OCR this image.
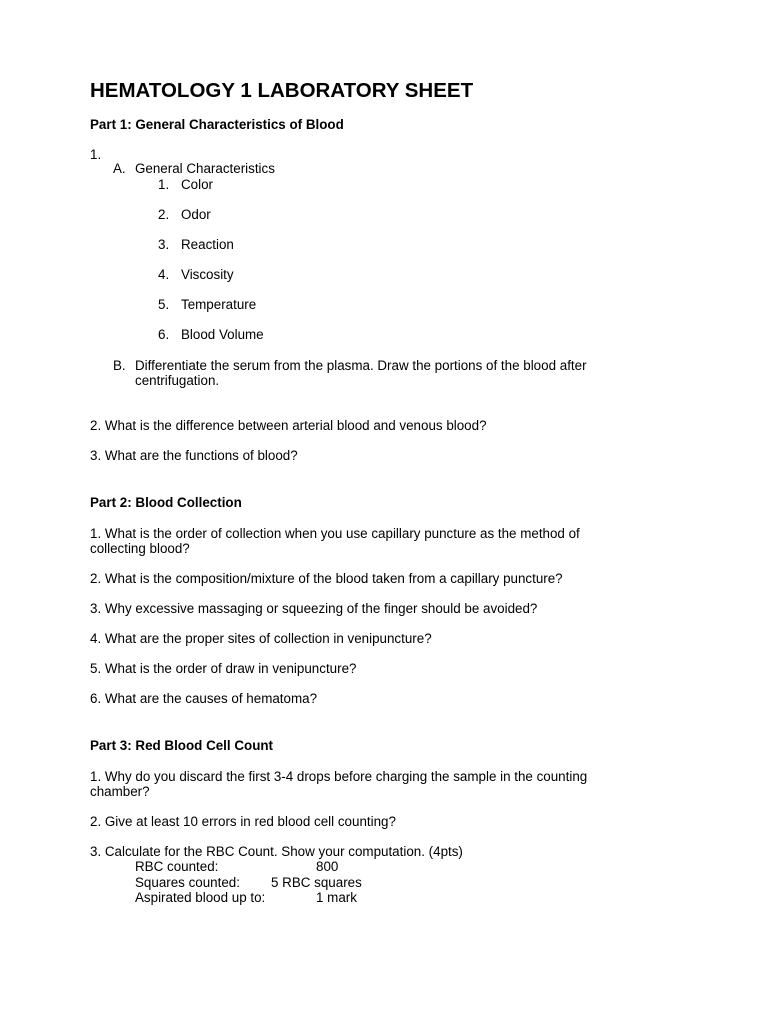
HEMATOLOGY 1 LABORATORY SHEET
Part 1: General Characteristics of Blood
1.
A. General Characteristics
1. Color
2. Odor
3. Reaction
4. Viscosity
5. Temperature
6. Blood Volume
B. Differentiate the serum from the plasma. Draw the portions of the blood after
centrifugation.
2. What is the difference between arterial blood and venous blood?
3. What are the functions of blood?
Part 2: Blood Collection
1. What is the order of collection when you use capillary puncture as the method of
collecting blood?
2. What is the composition/mixture of the blood taken from a capillary puncture?
3. Why excessive massaging or squeezing of the finger should be avoided?
4. What are the proper sites of collection in venipuncture?
5. What is the order of draw in venipuncture?
6. What are the causes of hematoma?
Part 3: Red Blood Cell Count
1. Why do you discard the first 3-4 drops before charging the sample in the counting
chamber?
2. Give at least 10 errors in red blood cell counting?
3. Calculate for the RBC Count. Show your computation. (4pts)
RBC counted:	800
Squares counted: 5 RBC squares
Aspirated blood up to:	1 mark
